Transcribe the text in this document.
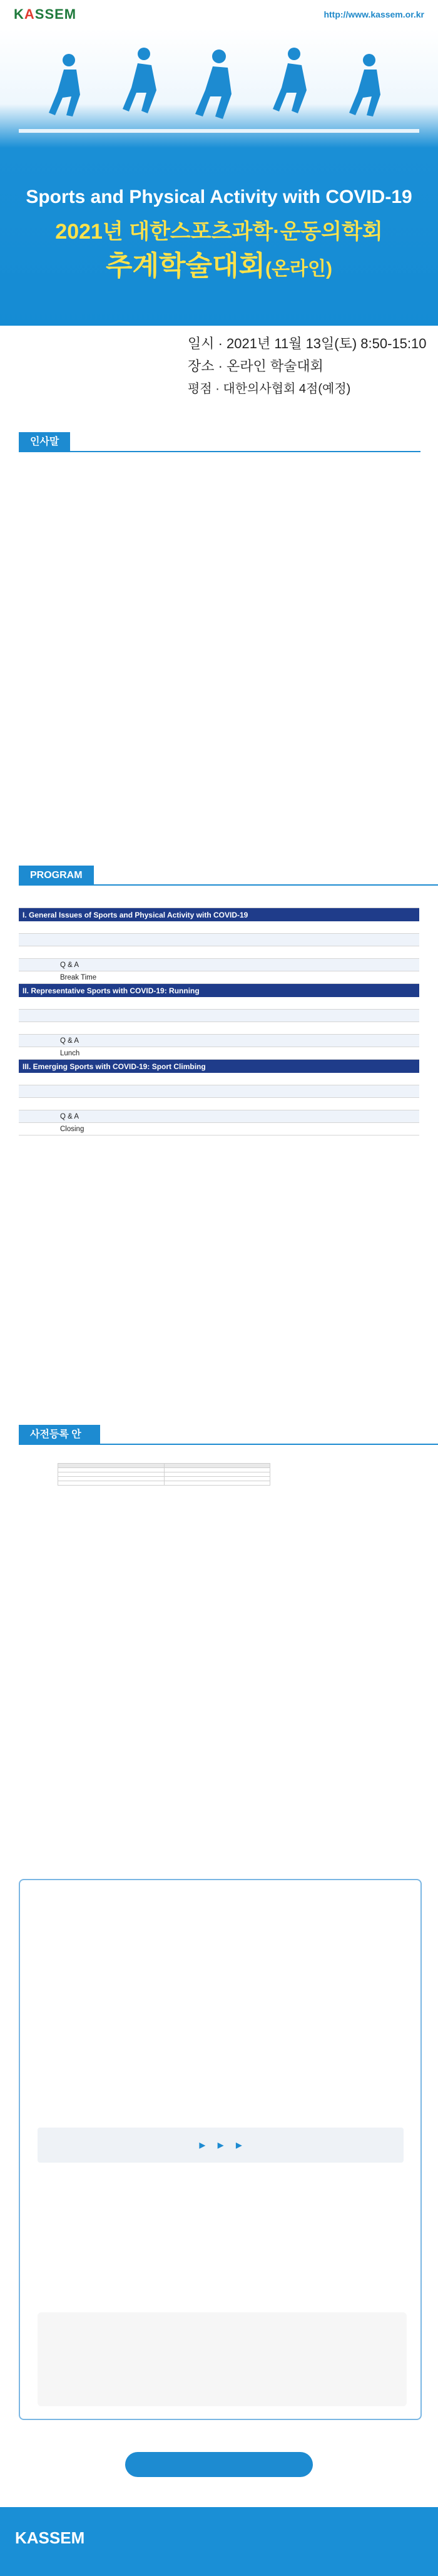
KASSEM	http://www.kassem.or.kr
Sports and Physical Activity with COVID-19
2021년 대한스포츠과학·운동의학회
추계학술대회(온라인)
일시 · 2021년 11월 13일(토) 8:50-15:10
장소 · 온라인 학술대회
평점 · 대한의사협회 4점(예정)
인사말

PROGRAM
I. General Issues of Sports and Physical Activity with COVID-19
Q & A
Break Time
II. Representative Sports with COVID-19: Running
Q & A
Lunch
III. Emerging Sports with COVID-19: Sport Climbing
Q & A
Closing
사전등록 안내

▶ ▶ ▶
KASSEM
